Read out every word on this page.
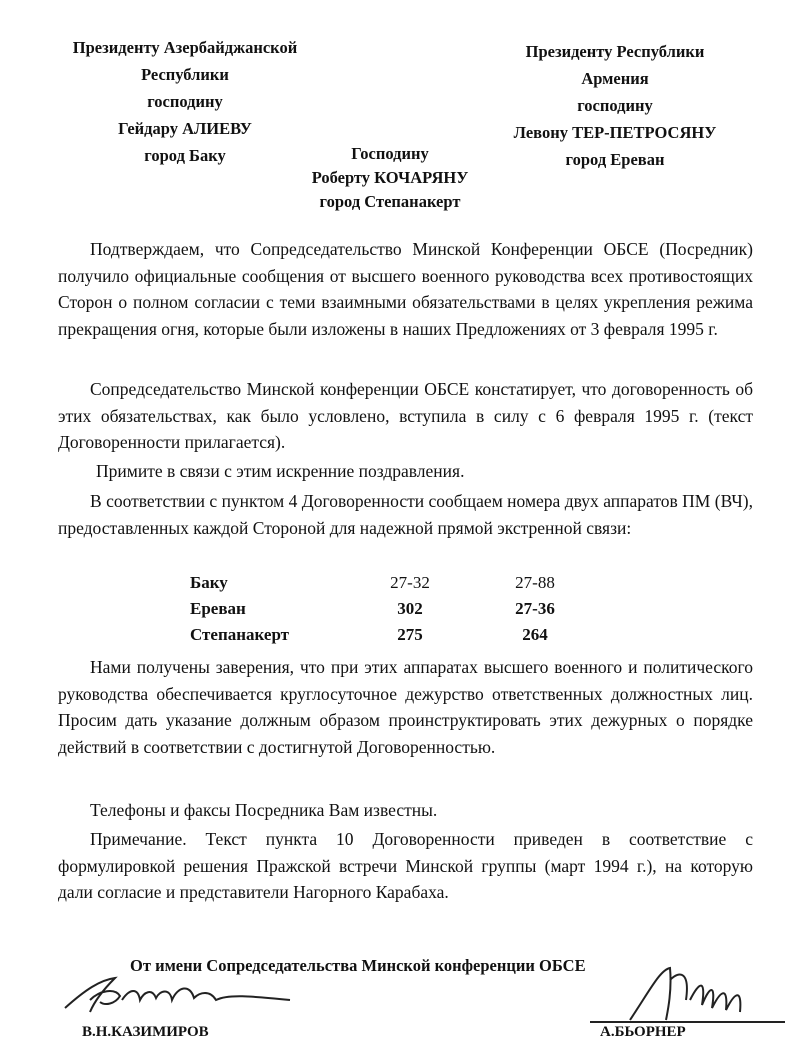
Президенту Азербайджанской
Республики
господину
Гейдару АЛИЕВУ
город Баку
Президенту Республики
Армения
господину
Левону ТЕР-ПЕТРОСЯНУ
город Ереван
Господину
Роберту КОЧАРЯНУ
город Степанакерт

Подтверждаем, что Сопредседательство Минской Конференции ОБСЕ (Посредник) получило официальные сообщения от высшего военного руководства всех противостоящих Сторон о полном согласии с теми взаимными обязательствами в целях укрепления режима прекращения огня, которые были изложены в наших Предложениях от 3 февраля 1995 г.

Сопредседательство Минской конференции ОБСЕ констатирует, что договоренность об этих обязательствах, как было условлено, вступила в силу с 6 февраля 1995 г. (текст Договоренности прилагается).

Примите в связи с этим искренние поздравления.

В соответствии с пунктом 4 Договоренности сообщаем номера двух аппаратов ПМ (ВЧ), предоставленных каждой Стороной для надежной прямой экстренной связи:

Баку	27-32	27-88
Ереван	302	27-36
Степанакерт	275	264

Нами получены заверения, что при этих аппаратах высшего военного и политического руководства обеспечивается круглосуточное дежурство ответственных должностных лиц. Просим дать указание должным образом проинструктировать этих дежурных о порядке действий в соответствии с достигнутой Договоренностью.

Телефоны и факсы Посредника Вам известны.

Примечание. Текст пункта 10 Договоренности приведен в соответствие с формулировкой решения Пражской встречи Минской группы (март 1994 г.), на которую дали согласие и представители Нагорного Карабаха.

От имени Сопредседательства Минской конференции ОБСЕ
В.Н.КАЗИМИРОВ	А.БЬОРНЕР
